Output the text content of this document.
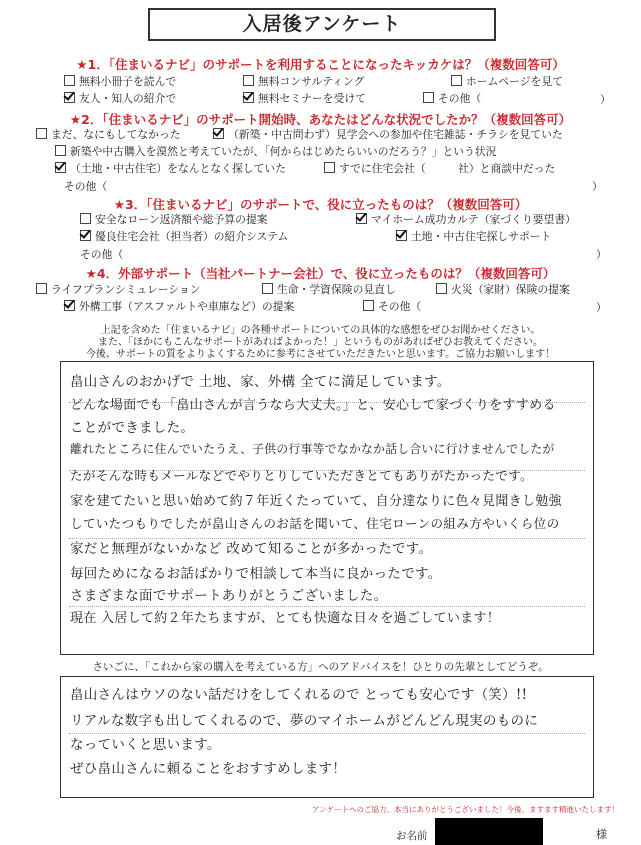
入居後アンケート
★1．「住まいるナビ」のサポートを利用することになったキッカケは？（複数回答可）
無料小冊子を読んで	無料コンサルティング	ホームページを見て
友人・知人の紹介で	無料セミナーを受けて	その他（	）
★2．「住まいるナビ」のサポート開始時、あなたはどんな状況でしたか？（複数回答可）
まだ、なにもしてなかった	（新築・中古問わず）見学会への参加や住宅雑誌・チラシを見ていた
新築や中古購入を漠然と考えていたが、「何からはじめたらいいのだろう？」という状況
（土地・中古住宅）をなんとなく探していた	すでに住宅会社（　　　社）と商談中だった
その他（	）
★3．「住まいるナビ」のサポートで、役に立ったものは？（複数回答可）
安全なローン返済額や総予算の提案	マイホーム成功カルテ（家づくり要望書）
優良住宅会社（担当者）の紹介システム	土地・中古住宅探しサポート
その他（	）
★4．外部サポート（当社パートナー会社）で、役に立ったものは？（複数回答可）
ライフプランシミュレーション	生命・学資保険の見直し	火災（家財）保険の提案
外構工事（アスファルトや車庫など）の提案	その他（	）
上記を含めた「住まいるナビ」の各種サポートについての具体的な感想をぜひお聞かせください。
また、「ほかにもこんなサポートがあればよかった！」というものがあればぜひお教えてください。
今後、サポートの質をよりよくするために参考にさせていただきたいと思います。ご協力お願いします！
畠山さんのおかげで 土地、家、外構 全てに満足しています。
どんな場面でも「畠山さんが言うなら大丈夫。」と、安心して家づくりをすすめる
ことができました。
離れたところに住んでいたうえ、子供の行事等でなかなか話し合いに行けませんでしたが
たがそんな時もメールなどでやりとりしていただきとてもありがたかったです。
家を建てたいと思い始めて約７年近くたっていて、自分達なりに色々見聞きし勉強
していたつもりでしたが畠山さんのお話を聞いて、住宅ローンの組み方やいくら位の
家だと無理がないかなど 改めて知ることが多かったです。
毎回ためになるお話ばかりで相談して本当に良かったです。
さまざまな面でサポートありがとうございました。
現在 入居して約２年たちますが、とても快適な日々を過ごしています！
さいごに、「これから家の購入を考えている方」へのアドバイスを！ひとりの先輩としてどうぞ。
畠山さんはウソのない話だけをしてくれるので とっても安心です（笑）!!
リアルな数字も出してくれるので、夢のマイホームがどんどん現実のものに
なっていくと思います。
ぜひ畠山さんに頼ることをおすすめします！
アンケートへのご協力、本当にありがとうございました！今後、ますます精進いたします！
お名前	様
